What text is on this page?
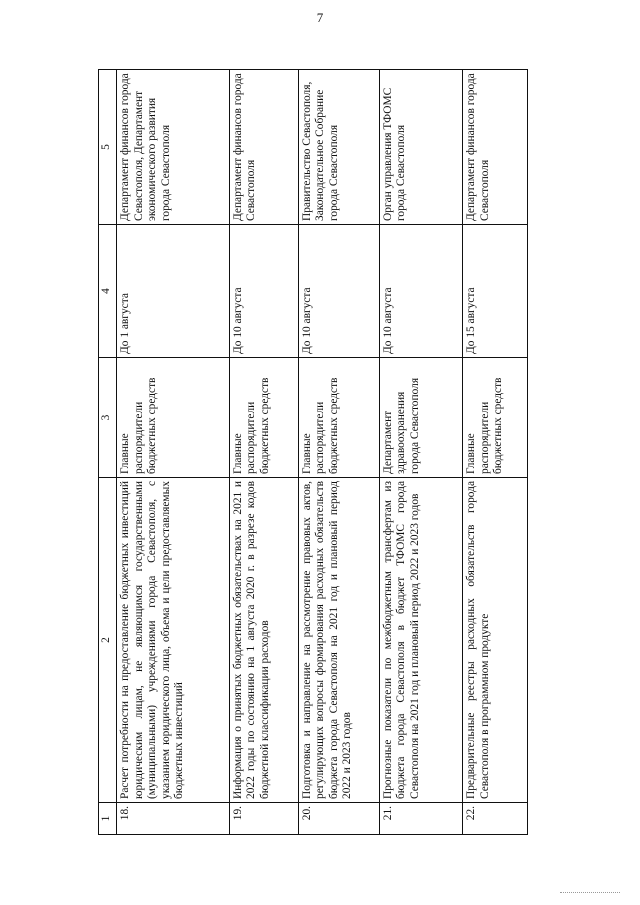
7
1	2	3	4	5
18.	Расчет потребности на предоставление бюджетных инвестиций юридическим лицам, не являющимся государственными (муниципальными) учреждениями города Севастополя, с указанием юридического лица, объема и цели предоставляемых бюджетных инвестиций	Главные распорядители бюджетных средств	До 1 августа	Департамент финансов города Севастополя, Департамент экономического развития города Севастополя
19.	Информация о принятых бюджетных обязательствах на 2021 и 2022 годы по состоянию на 1 августа 2020 г. в разрезе кодов бюджетной классификации расходов	Главные распорядители бюджетных средств	До 10 августа	Департамент финансов города Севастополя
20.	Подготовка и направление на рассмотрение правовых актов, регулирующих вопросы формирования расходных обязательств бюджета города Севастополя на 2021 год и плановый период 2022 и 2023 годов	Главные распорядители бюджетных средств	До 10 августа	Правительство Севастополя, Законодательное Собрание города Севастополя
21.	Прогнозные показатели по межбюджетным трансфертам из бюджета города Севастополя в бюджет ТФОМС города Севастополя на 2021 год и плановый период 2022 и 2023 годов	Департамент здравоохранения города Севастополя	До 10 августа	Орган управления ТФОМС города Севастополя
22.	Предварительные реестры расходных обязательств города Севастополя в программном продукте	Главные распорядители бюджетных средств	До 15 августа	Департамент финансов города Севастополя
